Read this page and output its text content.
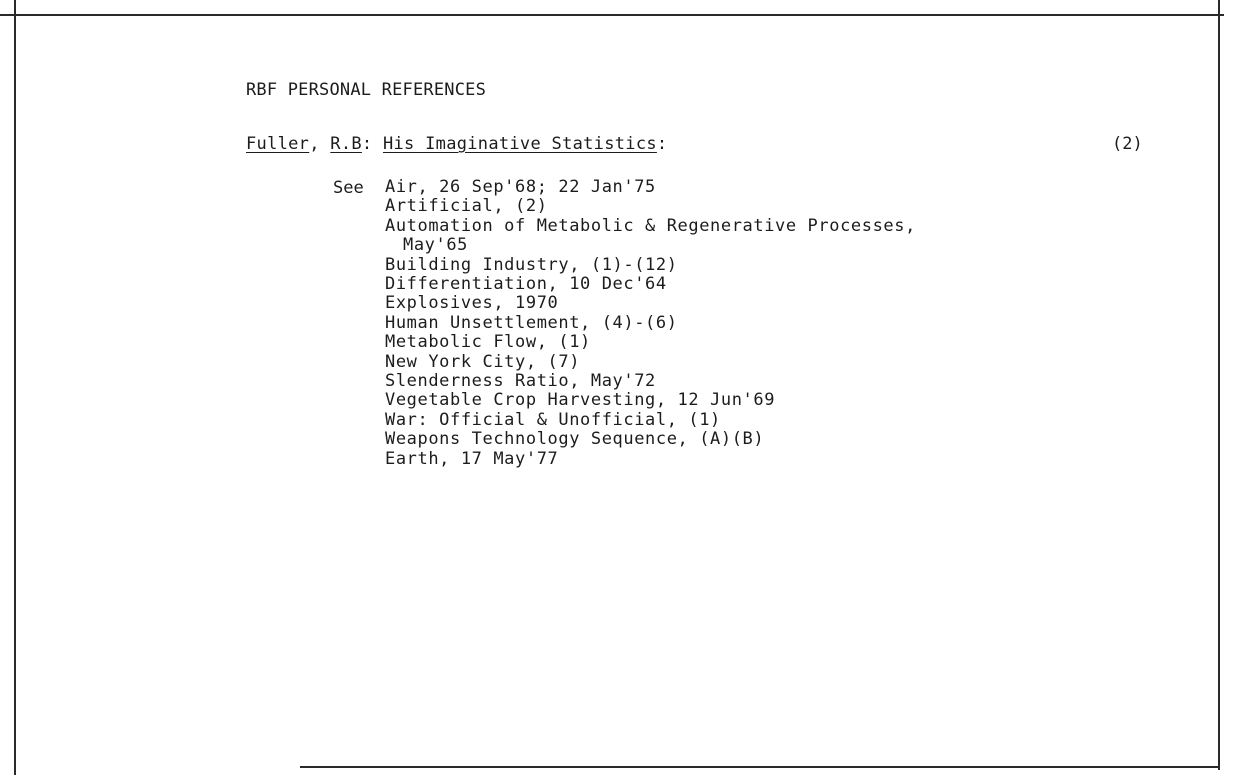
RBF PERSONAL REFERENCES
Fuller, R.B: His Imaginative Statistics:	(2)
See Air, 26 Sep'68; 22 Jan'75
Artificial, (2)
Automation of Metabolic & Regenerative Processes,
May'65
Building Industry, (1)-(12)
Differentiation, 10 Dec'64
Explosives, 1970
Human Unsettlement, (4)-(6)
Metabolic Flow, (1)
New York City, (7)
Slenderness Ratio, May'72
Vegetable Crop Harvesting, 12 Jun'69
War: Official & Unofficial, (1)
Weapons Technology Sequence, (A)(B)
Earth, 17 May'77
